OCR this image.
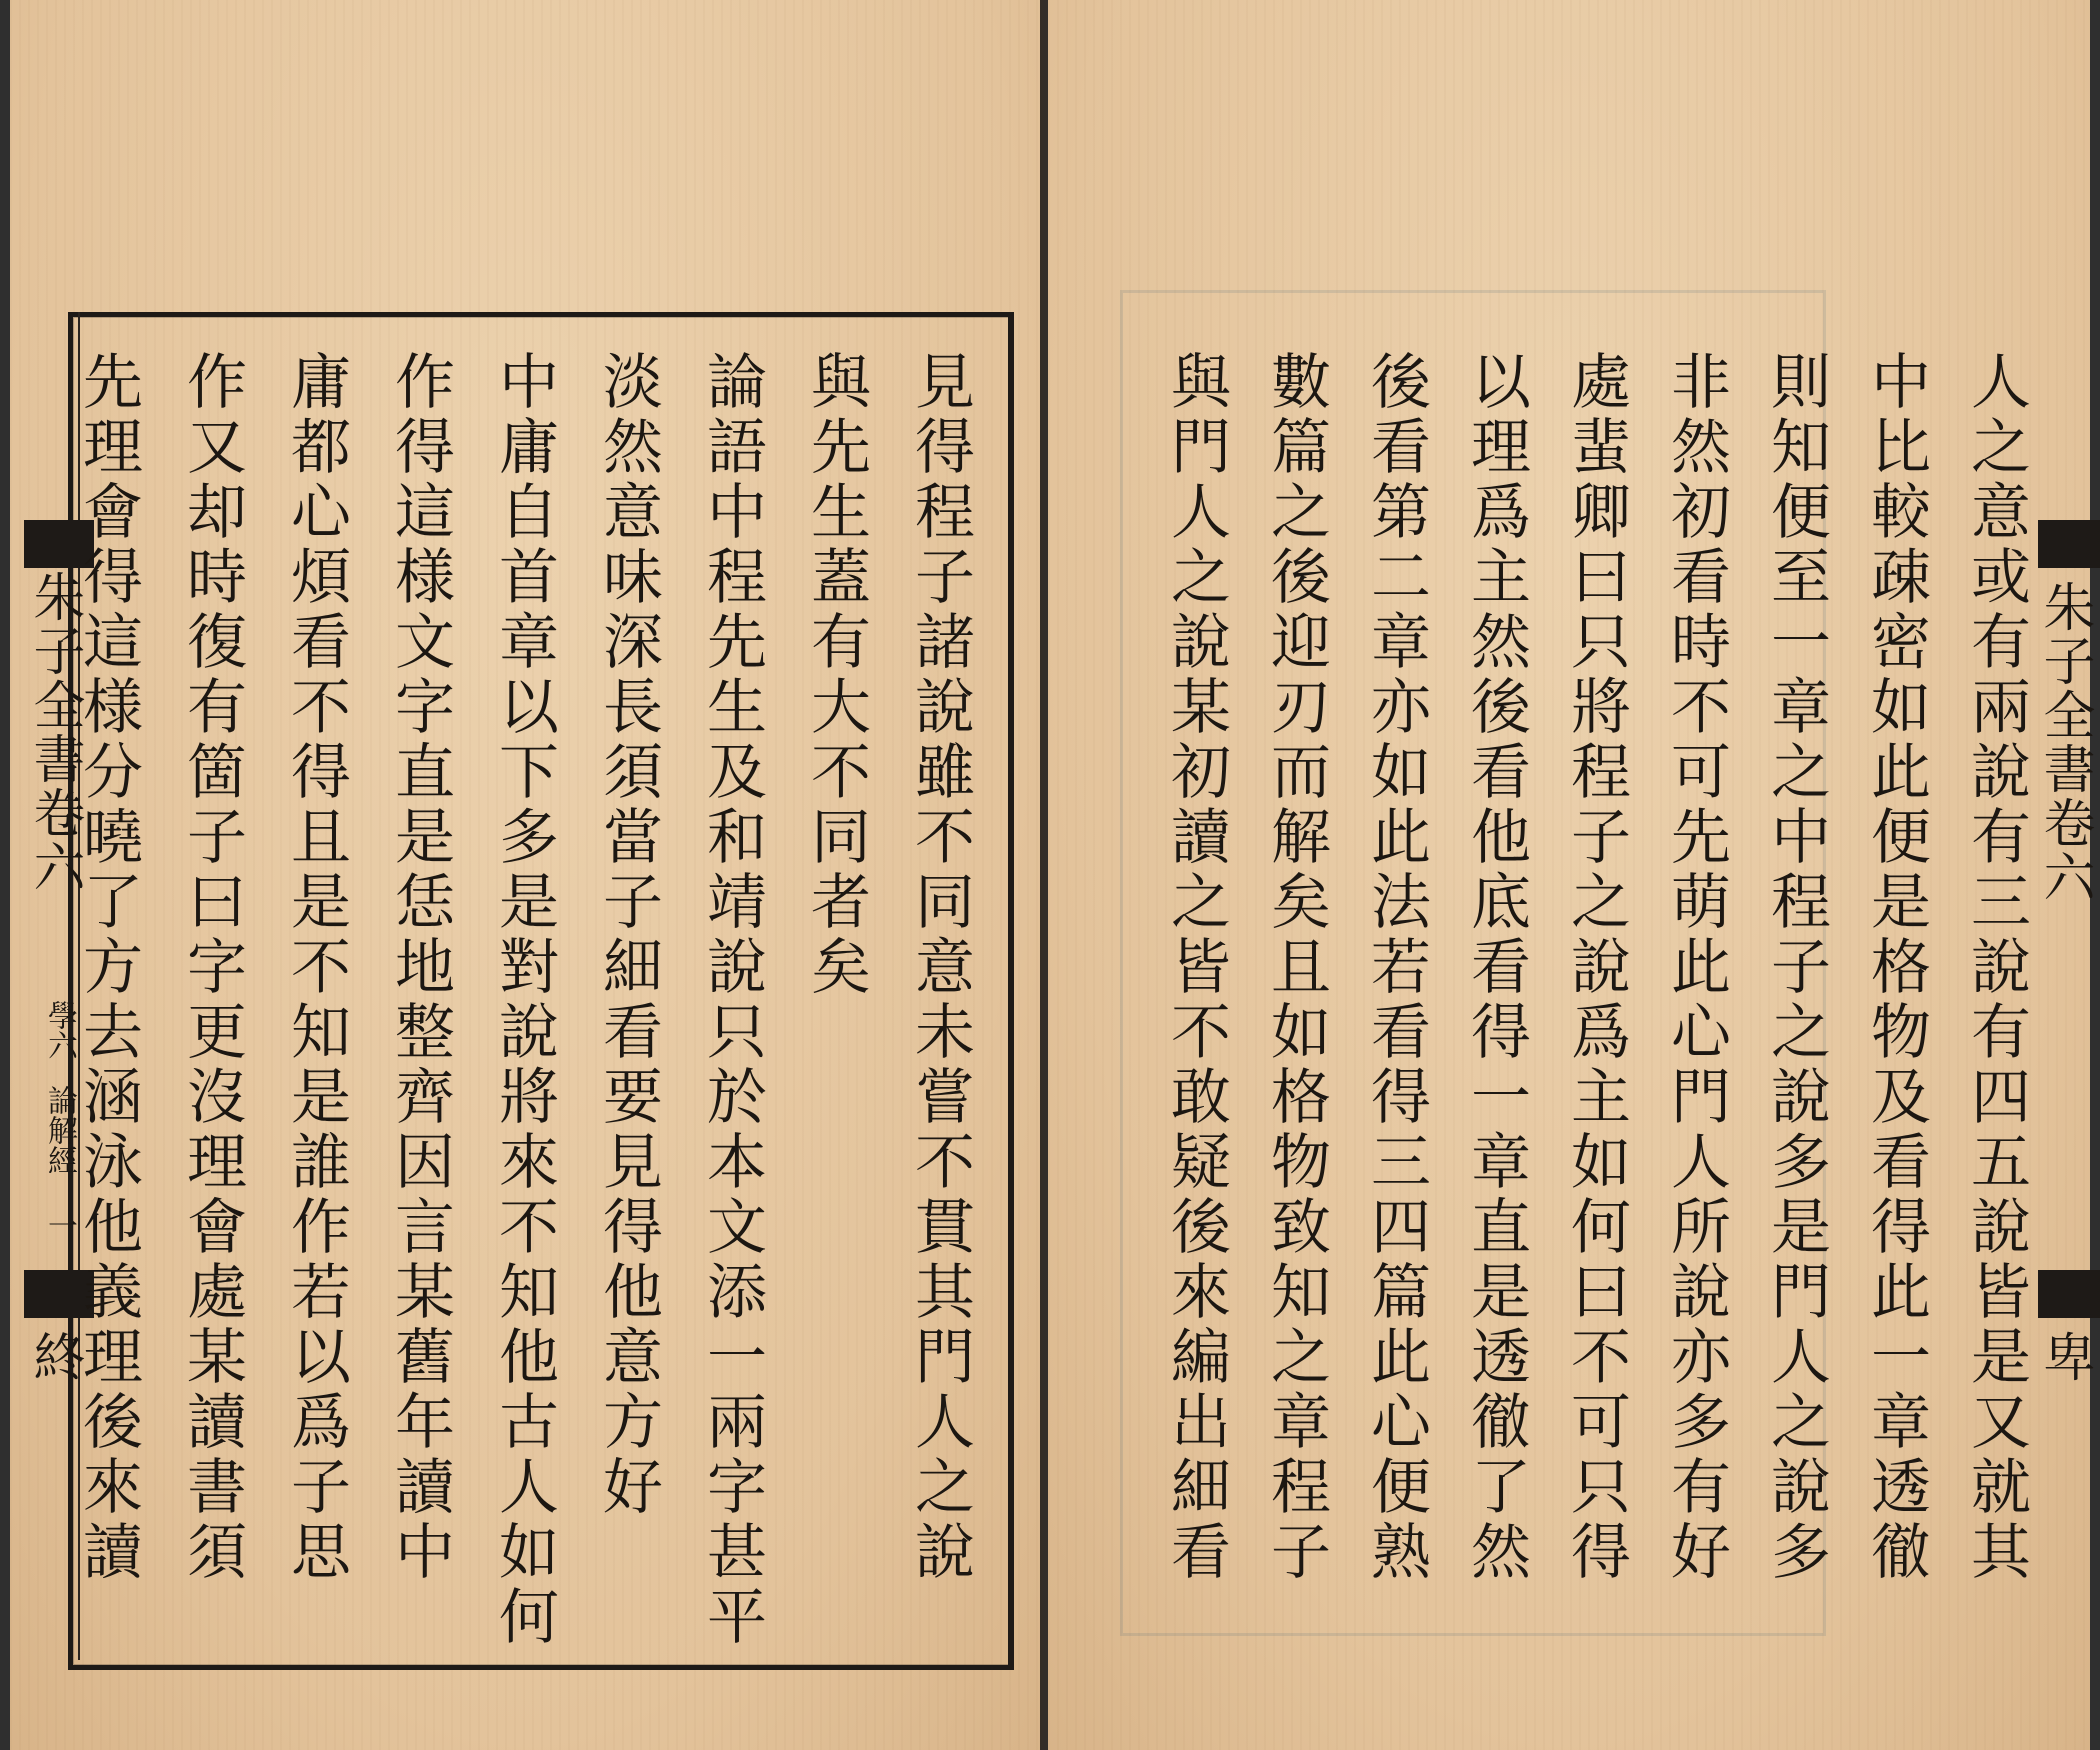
朱子全書卷六
學六
論解經
一
終	見得程子諸說雖不同意未嘗不貫其門人之說
與先生蓋有大不同者矣
論語中程先生及和靖說只於本文添一兩字甚平
淡然意味深長須當子細看要見得他意方好
中庸自首章以下多是對說將來不知他古人如何
作得這様文字直是恁地整齊因言某舊年讀中
庸都心煩看不得且是不知是誰作若以爲子思
作又却時復有箇子曰字更沒理會處某讀書須
先理會得這様分曉了方去涵泳他義理後來讀	人之意或有兩說有三說有四五說皆是又就其
中比較疎密如此便是格物及看得此一章透徹
則知便至一章之中程子之說多是門人之說多
非然初看時不可先萌此心門人所說亦多有好
處蜚卿曰只將程子之說爲主如何曰不可只得
以理爲主然後看他底看得一章直是透徹了然
後看第二章亦如此法若看得三四篇此心便熟
數篇之後迎刃而解矣且如格物致知之章程子
與門人之說某初讀之皆不敢疑後來編出細看	朱子全書卷六
卑
